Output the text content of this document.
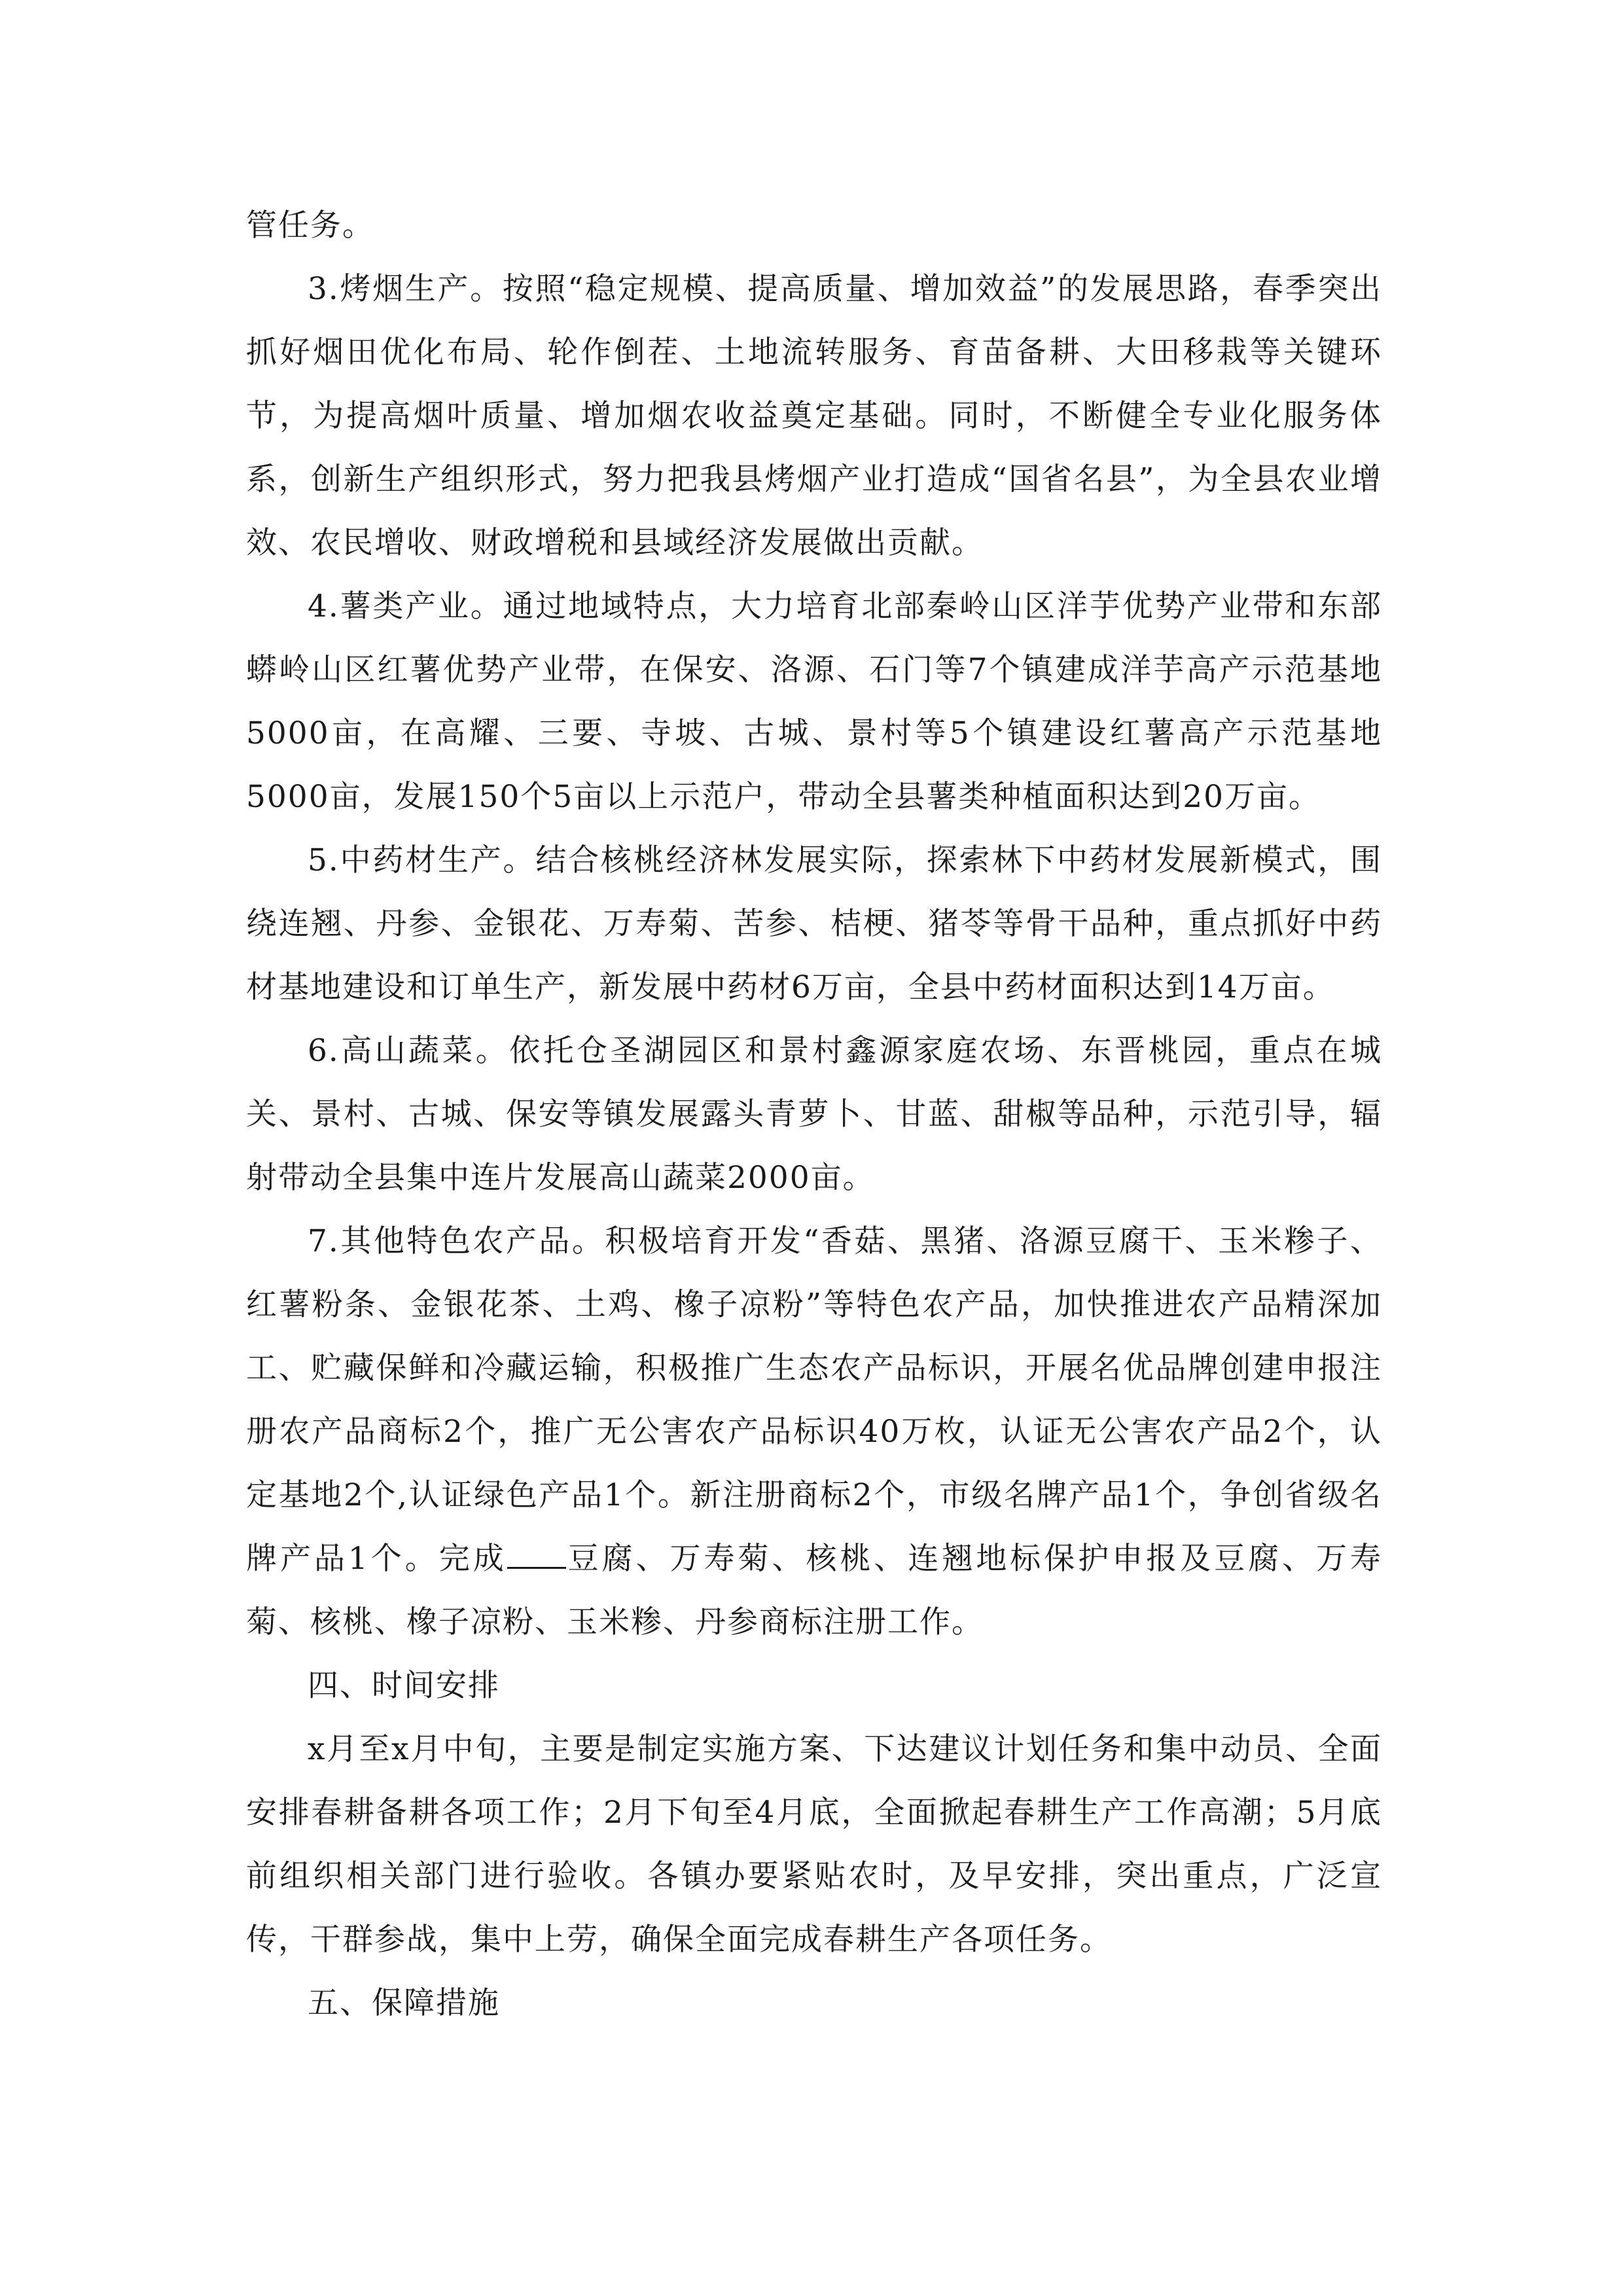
管任务。

3.烤烟生产。按照“稳定规模、提高质量、增加效益”的发展思路，春季突出抓好烟田优化布局、轮作倒茬、土地流转服务、育苗备耕、大田移栽等关键环节，为提高烟叶质量、增加烟农收益奠定基础。同时，不断健全专业化服务体系，创新生产组织形式，努力把我县烤烟产业打造成“国省名县”，为全县农业增效、农民增收、财政增税和县域经济发展做出贡献。

4.薯类产业。通过地域特点，大力培育北部秦岭山区洋芋优势产业带和东部蟒岭山区红薯优势产业带，在保安、洛源、石门等7个镇建成洋芋高产示范基地5000亩，在高耀、三要、寺坡、古城、景村等5个镇建设红薯高产示范基地5000亩，发展150个5亩以上示范户，带动全县薯类种植面积达到20万亩。

5.中药材生产。结合核桃经济林发展实际，探索林下中药材发展新模式，围绕连翘、丹参、金银花、万寿菊、苦参、桔梗、猪苓等骨干品种，重点抓好中药材基地建设和订单生产，新发展中药材6万亩，全县中药材面积达到14万亩。

6.高山蔬菜。依托仓圣湖园区和景村鑫源家庭农场、东晋桃园，重点在城关、景村、古城、保安等镇发展露头青萝卜、甘蓝、甜椒等品种，示范引导，辐射带动全县集中连片发展高山蔬菜2000亩。

7.其他特色农产品。积极培育开发“香菇、黑猪、洛源豆腐干、玉米糁子、红薯粉条、金银花茶、土鸡、橡子凉粉”等特色农产品，加快推进农产品精深加工、贮藏保鲜和冷藏运输，积极推广生态农产品标识，开展名优品牌创建申报注册农产品商标2个，推广无公害农产品标识40万枚，认证无公害农产品2个，认定基地2个,认证绿色产品1个。新注册商标2个，市级名牌产品1个，争创省级名牌产品1个。完成 豆腐、万寿菊、核桃、连翘地标保护申报及豆腐、万寿菊、核桃、橡子凉粉、玉米糁、丹参商标注册工作。

四、时间安排

x月至x月中旬，主要是制定实施方案、下达建议计划任务和集中动员、全面安排春耕备耕各项工作；2月下旬至4月底，全面掀起春耕生产工作高潮；5月底前组织相关部门进行验收。各镇办要紧贴农时，及早安排，突出重点，广泛宣传，干群参战，集中上劳，确保全面完成春耕生产各项任务。

五、保障措施
